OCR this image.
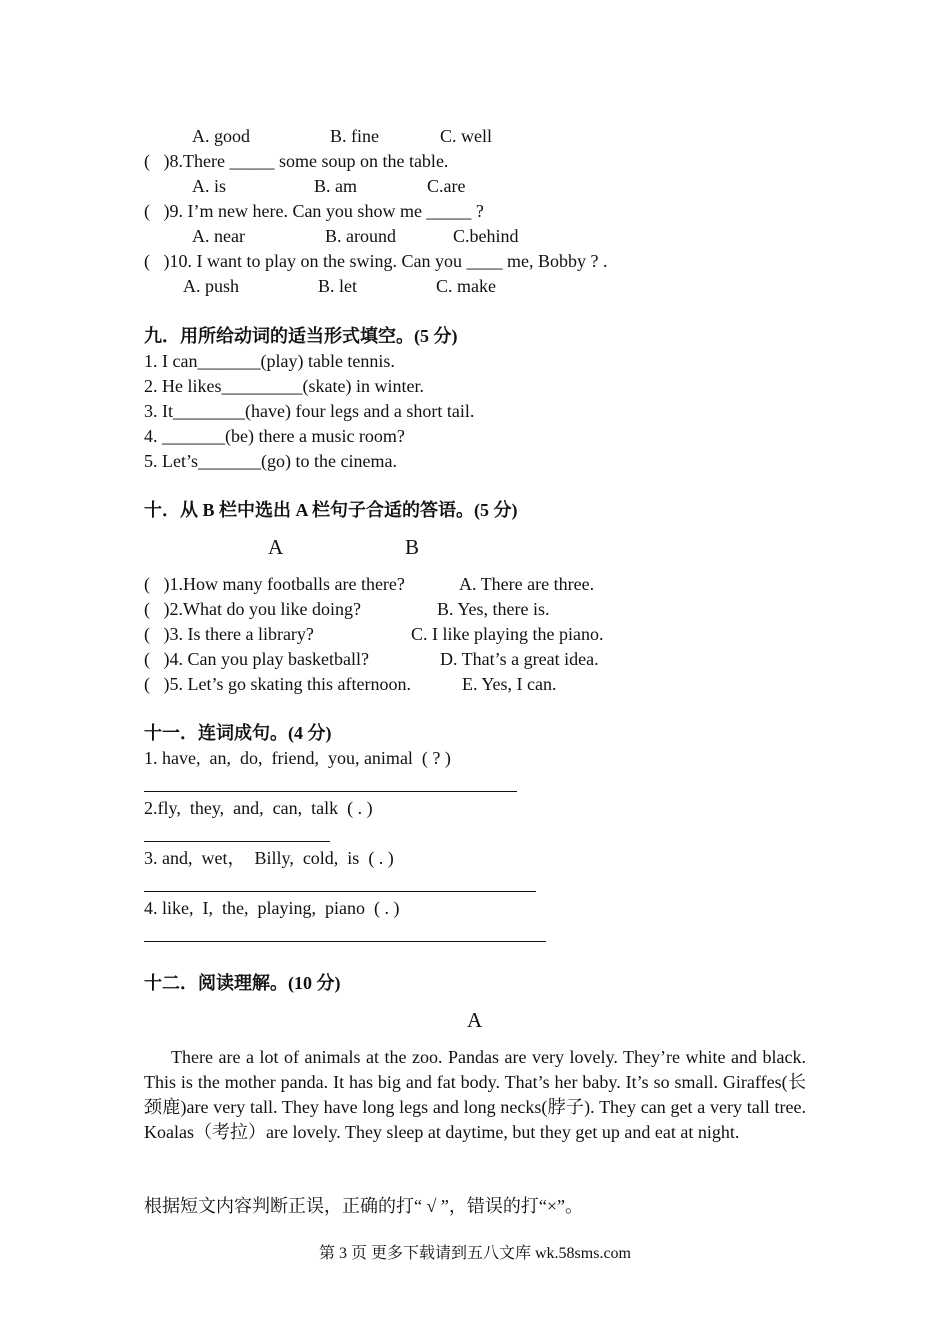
A. good	B. fine	C. well
(   )8.There _____ some soup on the table.
A. is	B. am	C.are
(   )9. I’m new here. Can you show me _____ ?
A. near	B. around	C.behind
(   )10. I want to play on the swing. Can you ____ me, Bobby ? .
A. push	B. let	C. make
九．用所给动词的适当形式填空。(5 分)
1. I can_______(play) table tennis.
2. He likes_________(skate) in winter.
3. It________(have) four legs and a short tail.
4. _______(be) there a music room?
5. Let’s_______(go) to the cinema.
十．从 B 栏中选出 A 栏句子合适的答语。(5 分)
A	B
(   )1.How many footballs are there?	A. There are three.
(   )2.What do you like doing?	B. Yes, there is.
(   )3. Is there a library?	C. I like playing the piano.
(   )4. Can you play basketball?	D. That’s a great idea.
(   )5. Let’s go skating this afternoon.	E. Yes, I can.
十一．连词成句。(4 分)
1. have,  an,  do,  friend,  you, animal  ( ? )
2.fly,  they,  and,  can,  talk  ( . )
3. and,  wet，  Billy,  cold,  is  ( . )
4. like,  I,  the,  playing,  piano  ( . )
十二．阅读理解。(10 分)
A
There are a lot of animals at the zoo. Pandas are very lovely. They’re white and black. This is the mother panda. It has big and fat body. That’s her baby. It’s so small. Giraffes(长颈鹿)are very tall. They have long legs and long necks(脖子). They can get a very tall tree. Koalas（考拉）are lovely. They sleep at daytime, but they get up and eat at night.
根据短文内容判断正误，正确的打“ √ ”，错误的打“×”。
第 3 页 更多下载请到五八文库 wk.58sms.com
